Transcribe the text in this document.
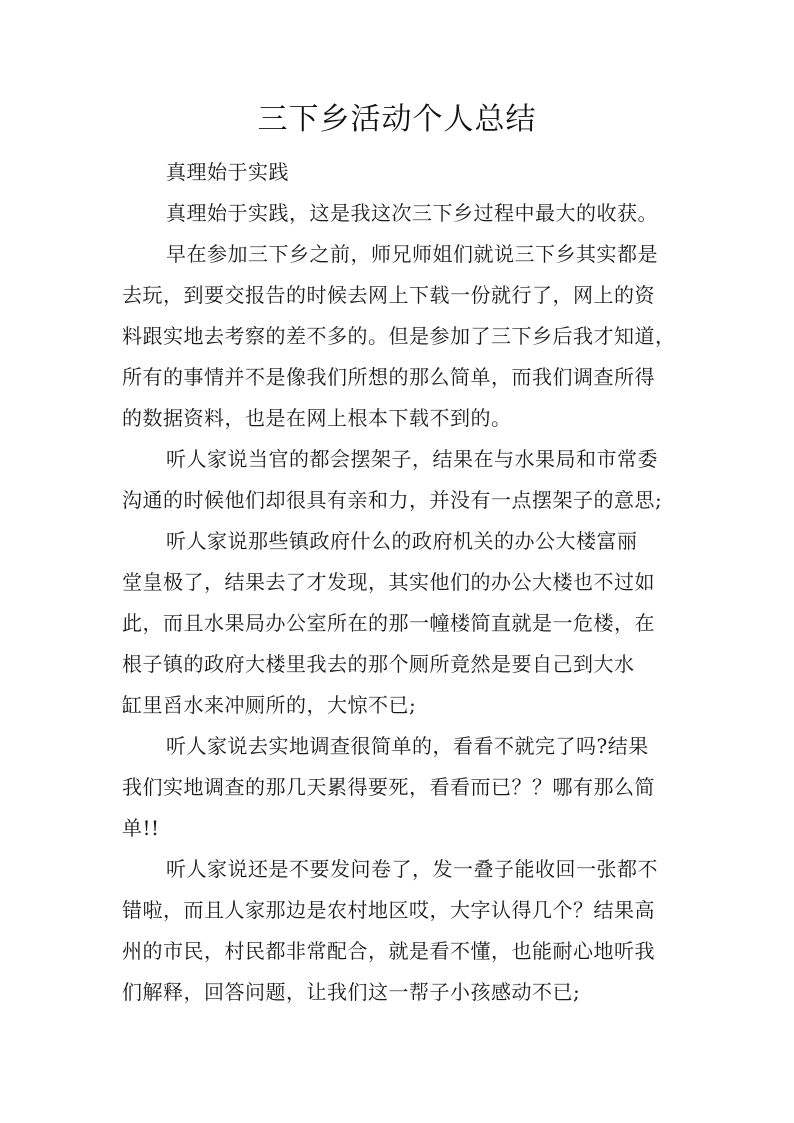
三下乡活动个人总结

真理始于实践

真理始于实践，这是我这次三下乡过程中最大的收获。

早在参加三下乡之前，师兄师姐们就说三下乡其实都是
去玩，到要交报告的时候去网上下载一份就行了，网上的资
料跟实地去考察的差不多的。但是参加了三下乡后我才知道，
所有的事情并不是像我们所想的那么简单，而我们调查所得
的数据资料，也是在网上根本下载不到的。

听人家说当官的都会摆架子，结果在与水果局和市常委
沟通的时候他们却很具有亲和力，并没有一点摆架子的意思;

听人家说那些镇政府什么的政府机关的办公大楼富丽
堂皇极了，结果去了才发现，其实他们的办公大楼也不过如
此，而且水果局办公室所在的那一幢楼简直就是一危楼，在
根子镇的政府大楼里我去的那个厕所竟然是要自己到大水
缸里舀水来冲厕所的，大惊不已;

听人家说去实地调查很简单的，看看不就完了吗?结果
我们实地调查的那几天累得要死，看看而已？？哪有那么简
单!!

听人家说还是不要发问卷了，发一叠子能收回一张都不
错啦，而且人家那边是农村地区哎，大字认得几个？结果高
州的市民，村民都非常配合，就是看不懂，也能耐心地听我
们解释，回答问题，让我们这一帮子小孩感动不已;
